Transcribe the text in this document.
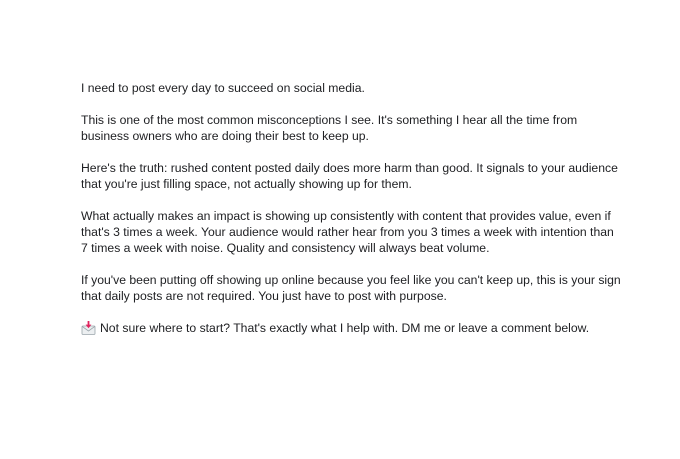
I need to post every day to succeed on social media.

This is one of the most common misconceptions I see. It's something I hear all the time from business owners who are doing their best to keep up.

Here's the truth: rushed content posted daily does more harm than good. It signals to your audience that you're just filling space, not actually showing up for them.

What actually makes an impact is showing up consistently with content that provides value, even if that's 3 times a week. Your audience would rather hear from you 3 times a week with intention than 7 times a week with noise. Quality and consistency will always beat volume.

If you've been putting off showing up online because you feel like you can't keep up, this is your sign that daily posts are not required. You just have to post with purpose.

Not sure where to start? That's exactly what I help with. DM me or leave a comment below.
